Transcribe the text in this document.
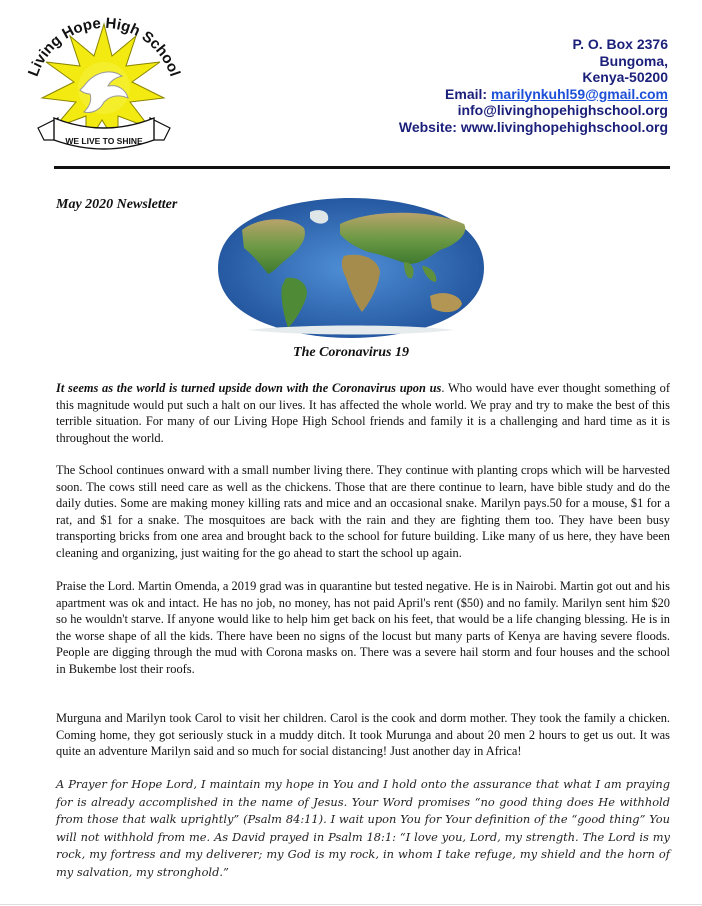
Living Hope High School
WE LIVE TO SHINE
P. O. Box 2376
Bungoma,
Kenya-50200
Email: marilynkuhl59@gmail.com
info@livinghopehighschool.org
Website: www.livinghopehighschool.org
May 2020 Newsletter
The Coronavirus 19
It seems as the world is turned upside down with the Coronavirus upon us. Who would have ever thought something of this magnitude would put such a halt on our lives. It has affected the whole world. We pray and try to make the best of this terrible situation. For many of our Living Hope High School friends and family it is a challenging and hard time as it is throughout the world.
The School continues onward with a small number living there. They continue with planting crops which will be harvested soon. The cows still need care as well as the chickens. Those that are there continue to learn, have bible study and do the daily duties. Some are making money killing rats and mice and an occasional snake. Marilyn pays.50 for a mouse, $1 for a rat, and $1 for a snake. The mosquitoes are back with the rain and they are fighting them too. They have been busy transporting bricks from one area and brought back to the school for future building. Like many of us here, they have been cleaning and organizing, just waiting for the go ahead to start the school up again.
Praise the Lord. Martin Omenda, a 2019 grad was in quarantine but tested negative. He is in Nairobi. Martin got out and his apartment was ok and intact. He has no job, no money, has not paid April's rent ($50) and no family. Marilyn sent him $20 so he wouldn't starve. If anyone would like to help him get back on his feet, that would be a life changing blessing. He is in the worse shape of all the kids. There have been no signs of the locust but many parts of Kenya are having severe floods. People are digging through the mud with Corona masks on. There was a severe hail storm and four houses and the school in Bukembe lost their roofs.
Murguna and Marilyn took Carol to visit her children. Carol is the cook and dorm mother. They took the family a chicken. Coming home, they got seriously stuck in a muddy ditch. It took Murunga and about 20 men 2 hours to get us out. It was quite an adventure Marilyn said and so much for social distancing! Just another day in Africa!
A Prayer for Hope Lord, I maintain my hope in You and I hold onto the assurance that what I am praying for is already accomplished in the name of Jesus. Your Word promises “no good thing does He withhold from those that walk uprightly” (Psalm 84:11). I wait upon You for Your definition of the “good thing” You will not withhold from me. As David prayed in Psalm 18:1: “I love you, Lord, my strength. The Lord is my rock, my fortress and my deliverer; my God is my rock, in whom I take refuge, my shield and the horn of my salvation, my stronghold.”
